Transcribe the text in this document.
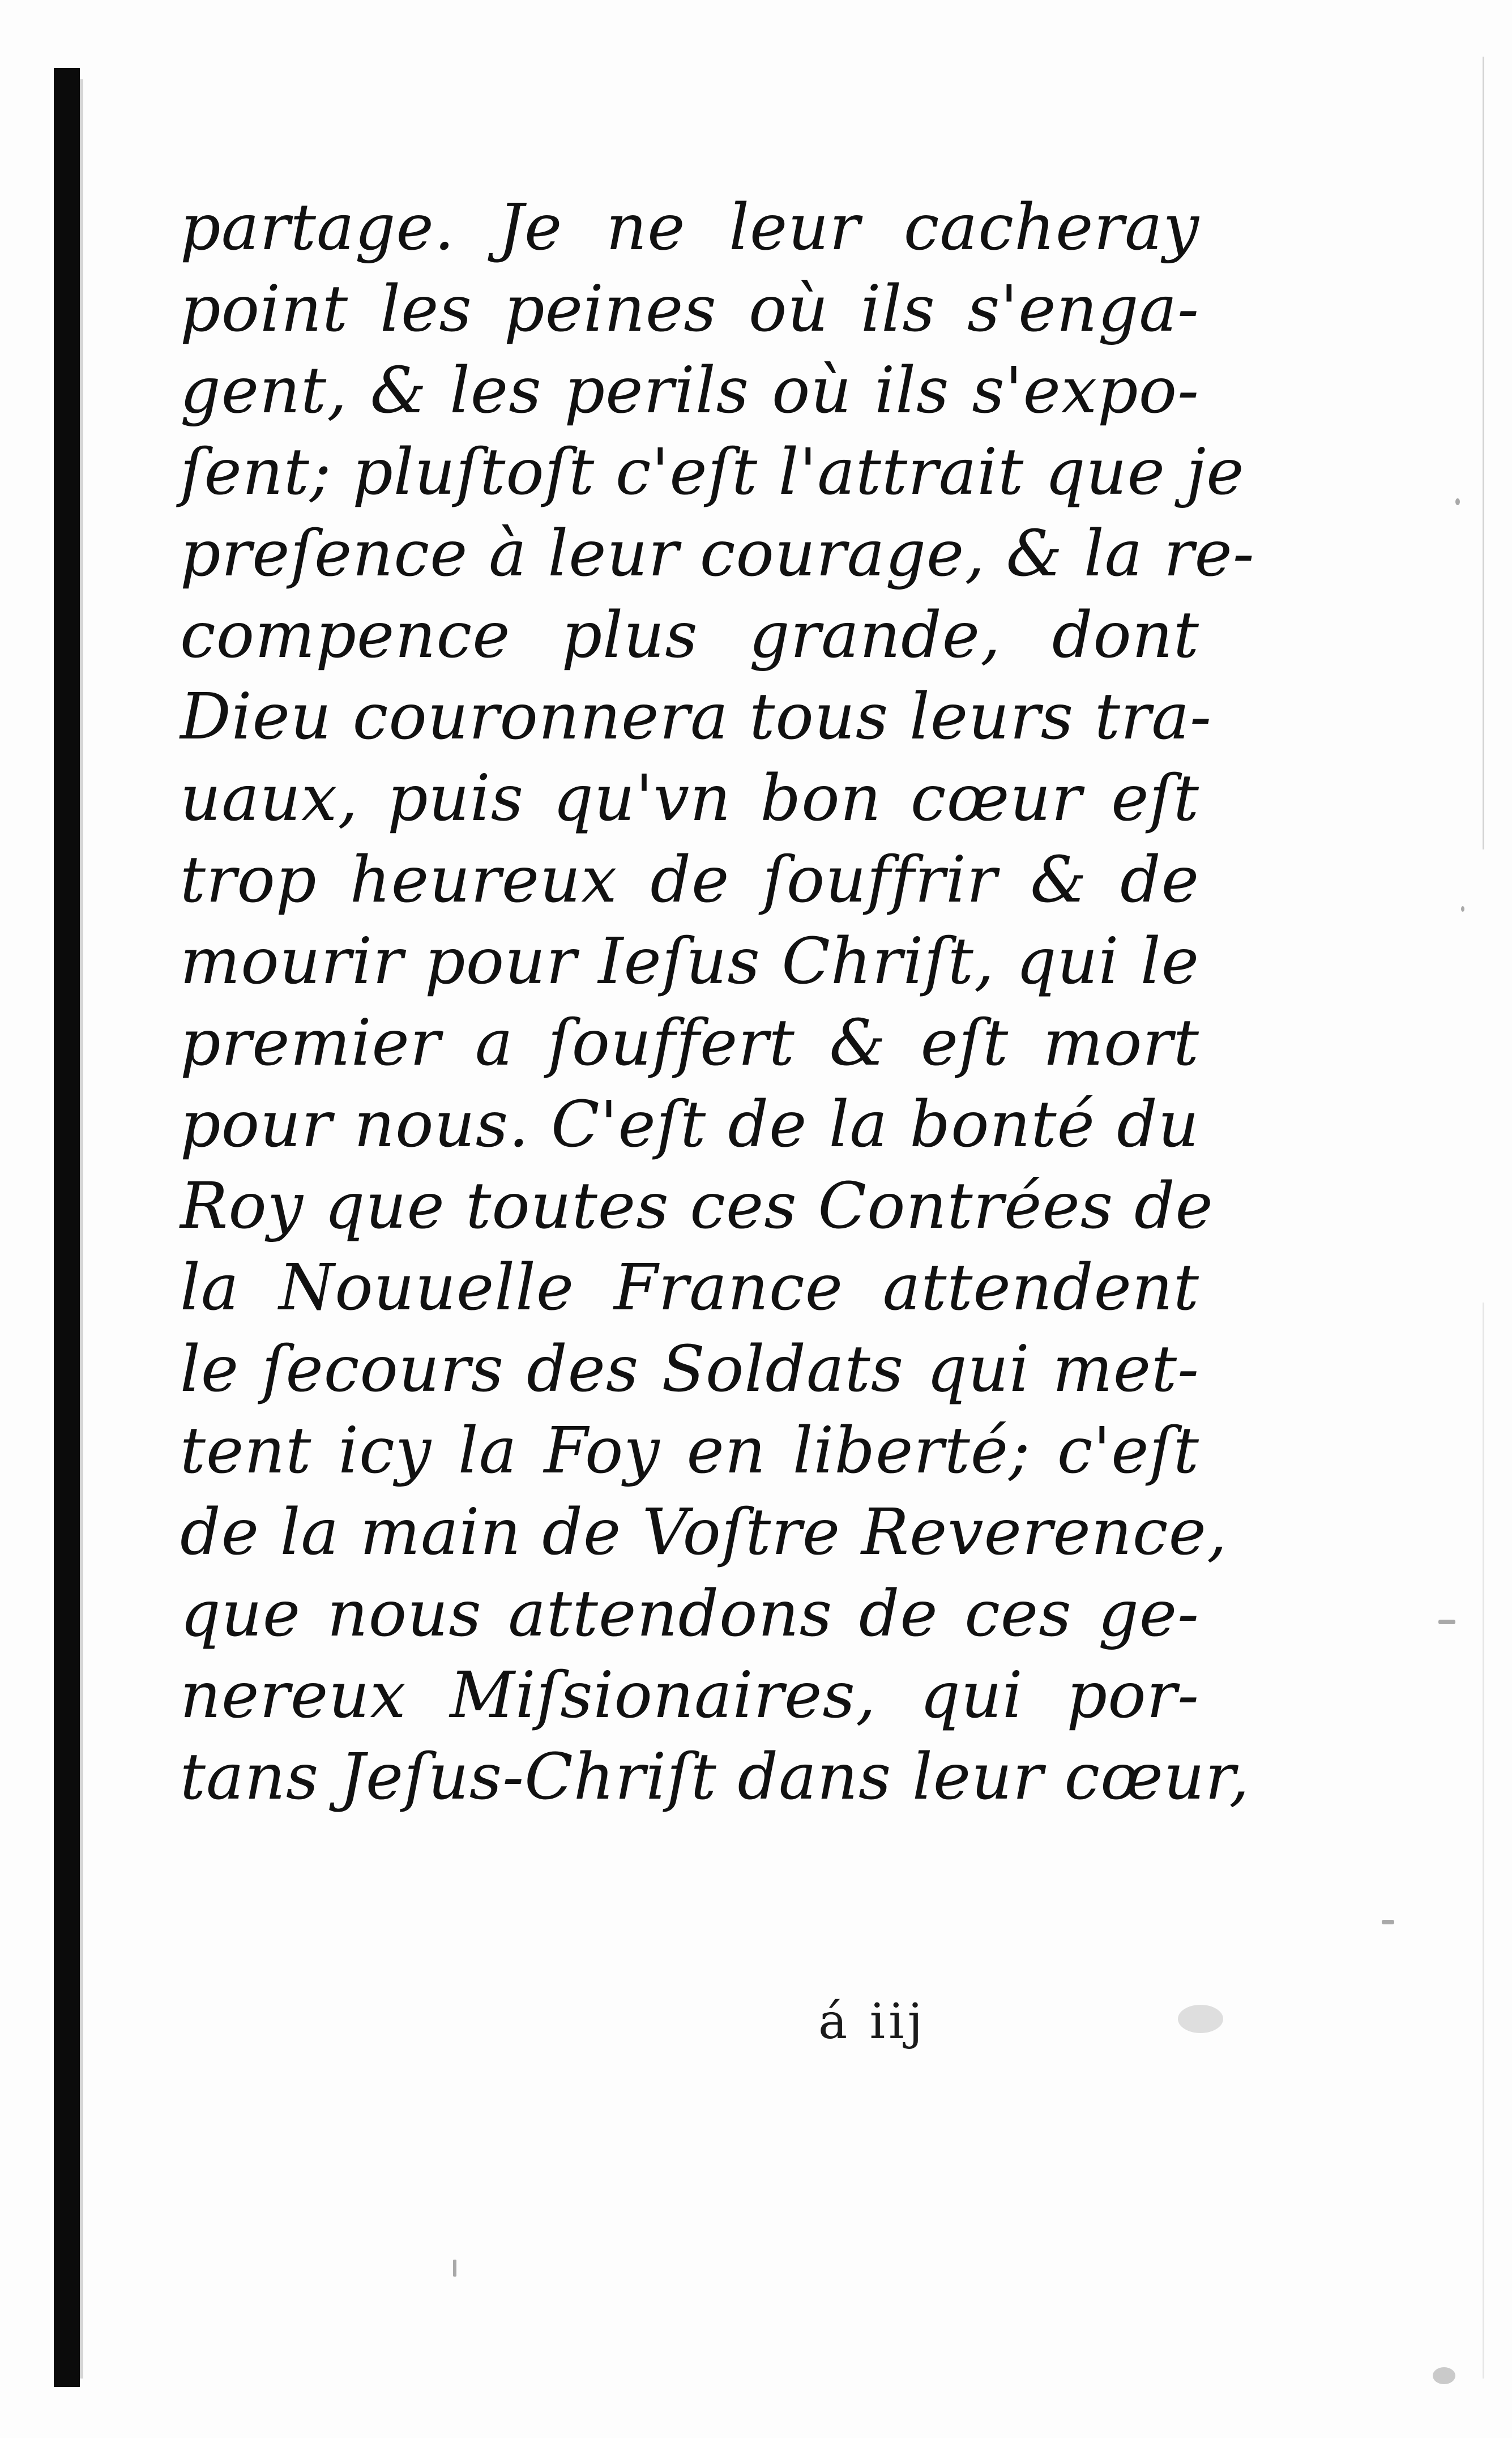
partage. Je ne leur cacheray
point les peines où ils s'enga-
gent, & les perils où ils s'expo-
ſent; pluſtoſt c'eſt l'attrait que je
preſence à leur courage, & la re-
compence plus grande, dont
Dieu couronnera tous leurs tra-
uaux, puis qu'vn bon cœur eſt
trop heureux de ſouffrir & de
mourir pour Ieſus Chriſt, qui le
premier a ſouffert & eſt mort
pour nous. C'eſt de la bonté du
Roy que toutes ces Contrées de
la Nouuelle France attendent
le ſecours des Soldats qui met-
tent icy la Foy en liberté; c'eſt
de la main de Voſtre Reverence,
que nous attendons de ces ge-
nereux Miſsionaires, qui por-
tans Jeſus-Chriſt dans leur cœur,
á iij
